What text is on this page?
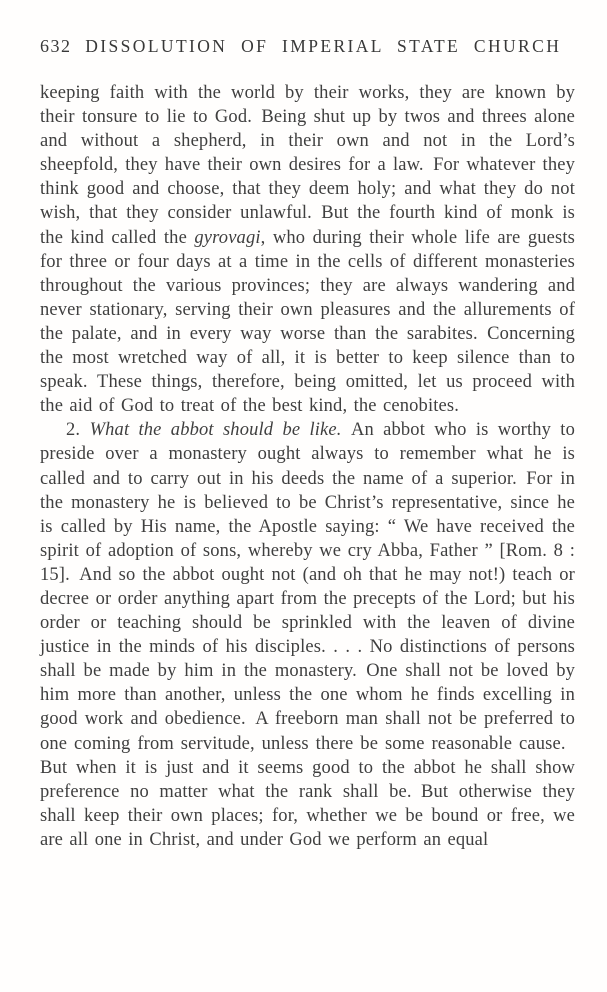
632 DISSOLUTION OF IMPERIAL STATE CHURCH

keeping faith with the world by their works, they are known by their tonsure to lie to God. Being shut up by twos and threes alone and without a shepherd, in their own and not in the Lord’s sheepfold, they have their own desires for a law. For whatever they think good and choose, that they deem holy; and what they do not wish, that they consider unlawful. But the fourth kind of monk is the kind called the gyrovagi, who during their whole life are guests for three or four days at a time in the cells of different monasteries throughout the various provinces; they are always wandering and never stationary, serving their own pleasures and the allurements of the palate, and in every way worse than the sarabites. Concerning the most wretched way of all, it is better to keep silence than to speak. These things, therefore, being omitted, let us proceed with the aid of God to treat of the best kind, the cenobites.

2. What the abbot should be like. An abbot who is worthy to preside over a monastery ought always to remember what he is called and to carry out in his deeds the name of a superior. For in the monastery he is believed to be Christ’s representative, since he is called by His name, the Apostle saying: “ We have received the spirit of adoption of sons, whereby we cry Abba, Father ” [Rom. 8 : 15]. And so the abbot ought not (and oh that he may not!) teach or decree or order anything apart from the precepts of the Lord; but his order or teaching should be sprinkled with the leaven of divine justice in the minds of his disciples. . . . No distinctions of persons shall be made by him in the monastery. One shall not be loved by him more than another, unless the one whom he finds excelling in good work and obedience. A freeborn man shall not be preferred to one coming from servitude, unless there be some reasonable cause. But when it is just and it seems good to the abbot he shall show preference no matter what the rank shall be. But otherwise they shall keep their own places; for, whether we be bound or free, we are all one in Christ, and under God we perform an equal
